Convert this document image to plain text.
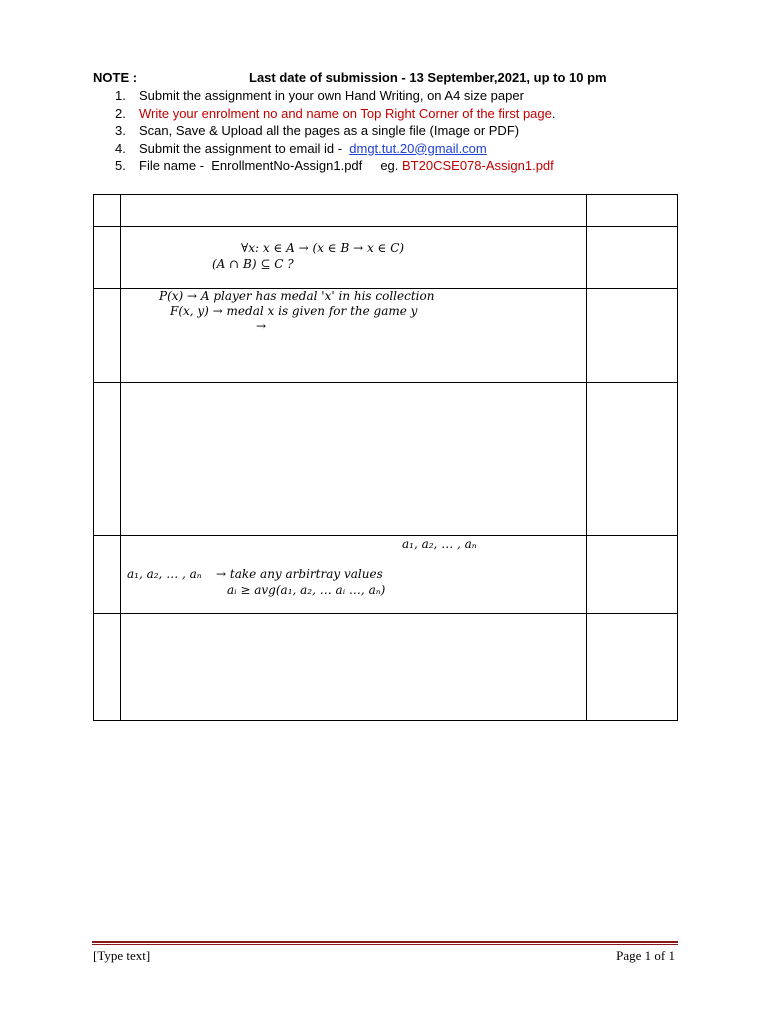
NOTE :	Last date of submission - 13 September,2021, up to 10 pm
1. Submit the assignment in your own Hand Writing, on A4 size paper
2. Write your enrolment no and name on Top Right Corner of the first page.
3. Scan, Save & Upload all the pages as a single file (Image or PDF)
4. Submit the assignment to email id -  dmgt.tut.20@gmail.com
5. File name -  EnrollmentNo-Assign1.pdf     eg. BT20CSE078-Assign1.pdf
∀x: x ∈ A → (x ∈ B → x ∈ C)
(A ∩ B) ⊆ C ?
P(x) → A player has medal 'x' in his collection
F(x, y) → medal x is given for the game y
→
a₁, a₂, … , aₙ
a₁, a₂, … , aₙ → take any arbirtray values
aᵢ ≥ avg(a₁, a₂, … aᵢ …, aₙ)
[Type text]	Page 1 of 1
